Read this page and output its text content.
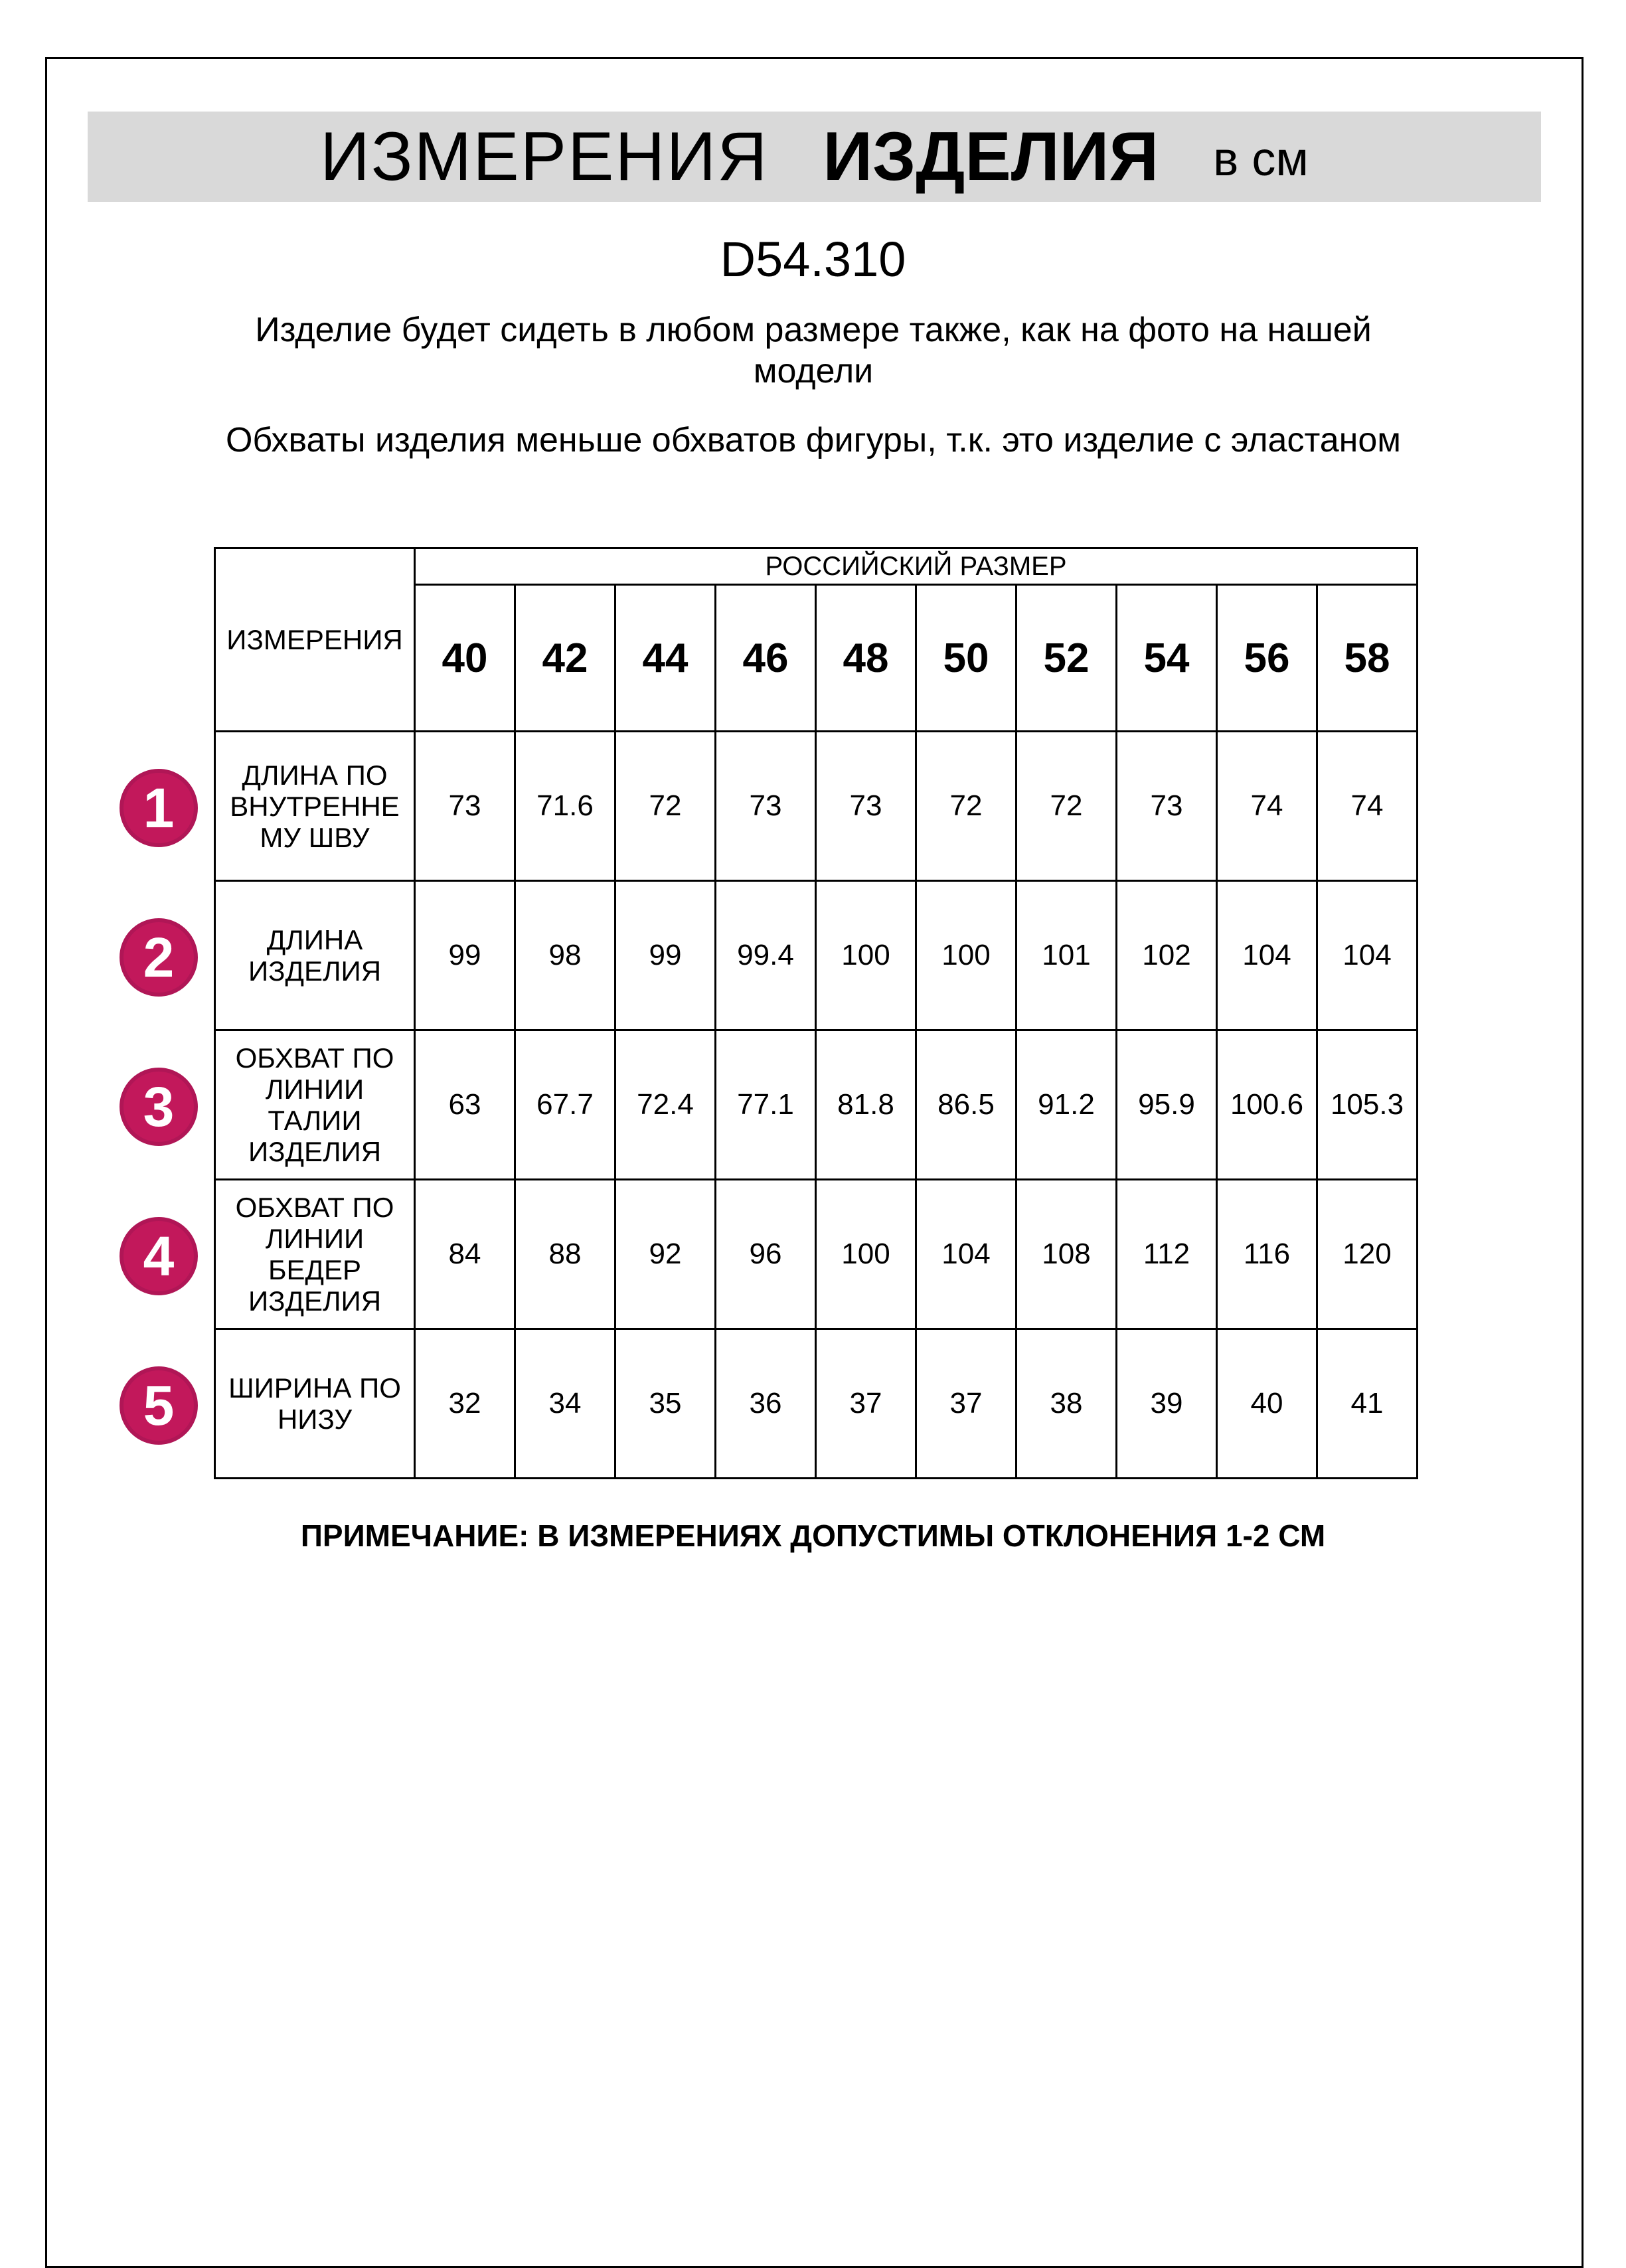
ИЗМЕРЕНИЯ ИЗДЕЛИЯ в см
D54.310
Изделие будет сидеть в любом размере также, как на фото на нашей модели
Обхваты изделия меньше обхватов фигуры, т.к. это изделие с эластаном
ИЗМЕРЕНИЯ	РОССИЙСКИЙ РАЗМЕР									
	40	42	44	46	48	50	52	54	56	58
ДЛИНА ПО ВНУТРЕННЕ МУ ШВУ	73	71.6	72	73	73	72	72	73	74	74
ДЛИНА ИЗДЕЛИЯ	99	98	99	99.4	100	100	101	102	104	104
ОБХВАТ ПО ЛИНИИ ТАЛИИ ИЗДЕЛИЯ	63	67.7	72.4	77.1	81.8	86.5	91.2	95.9	100.6	105.3
ОБХВАТ ПО ЛИНИИ БЕДЕР ИЗДЕЛИЯ	84	88	92	96	100	104	108	112	116	120
ШИРИНА ПО НИЗУ	32	34	35	36	37	37	38	39	40	41
1
2
3
4
5
ПРИМЕЧАНИЕ: В ИЗМЕРЕНИЯХ ДОПУСТИМЫ ОТКЛОНЕНИЯ 1-2 СМ
